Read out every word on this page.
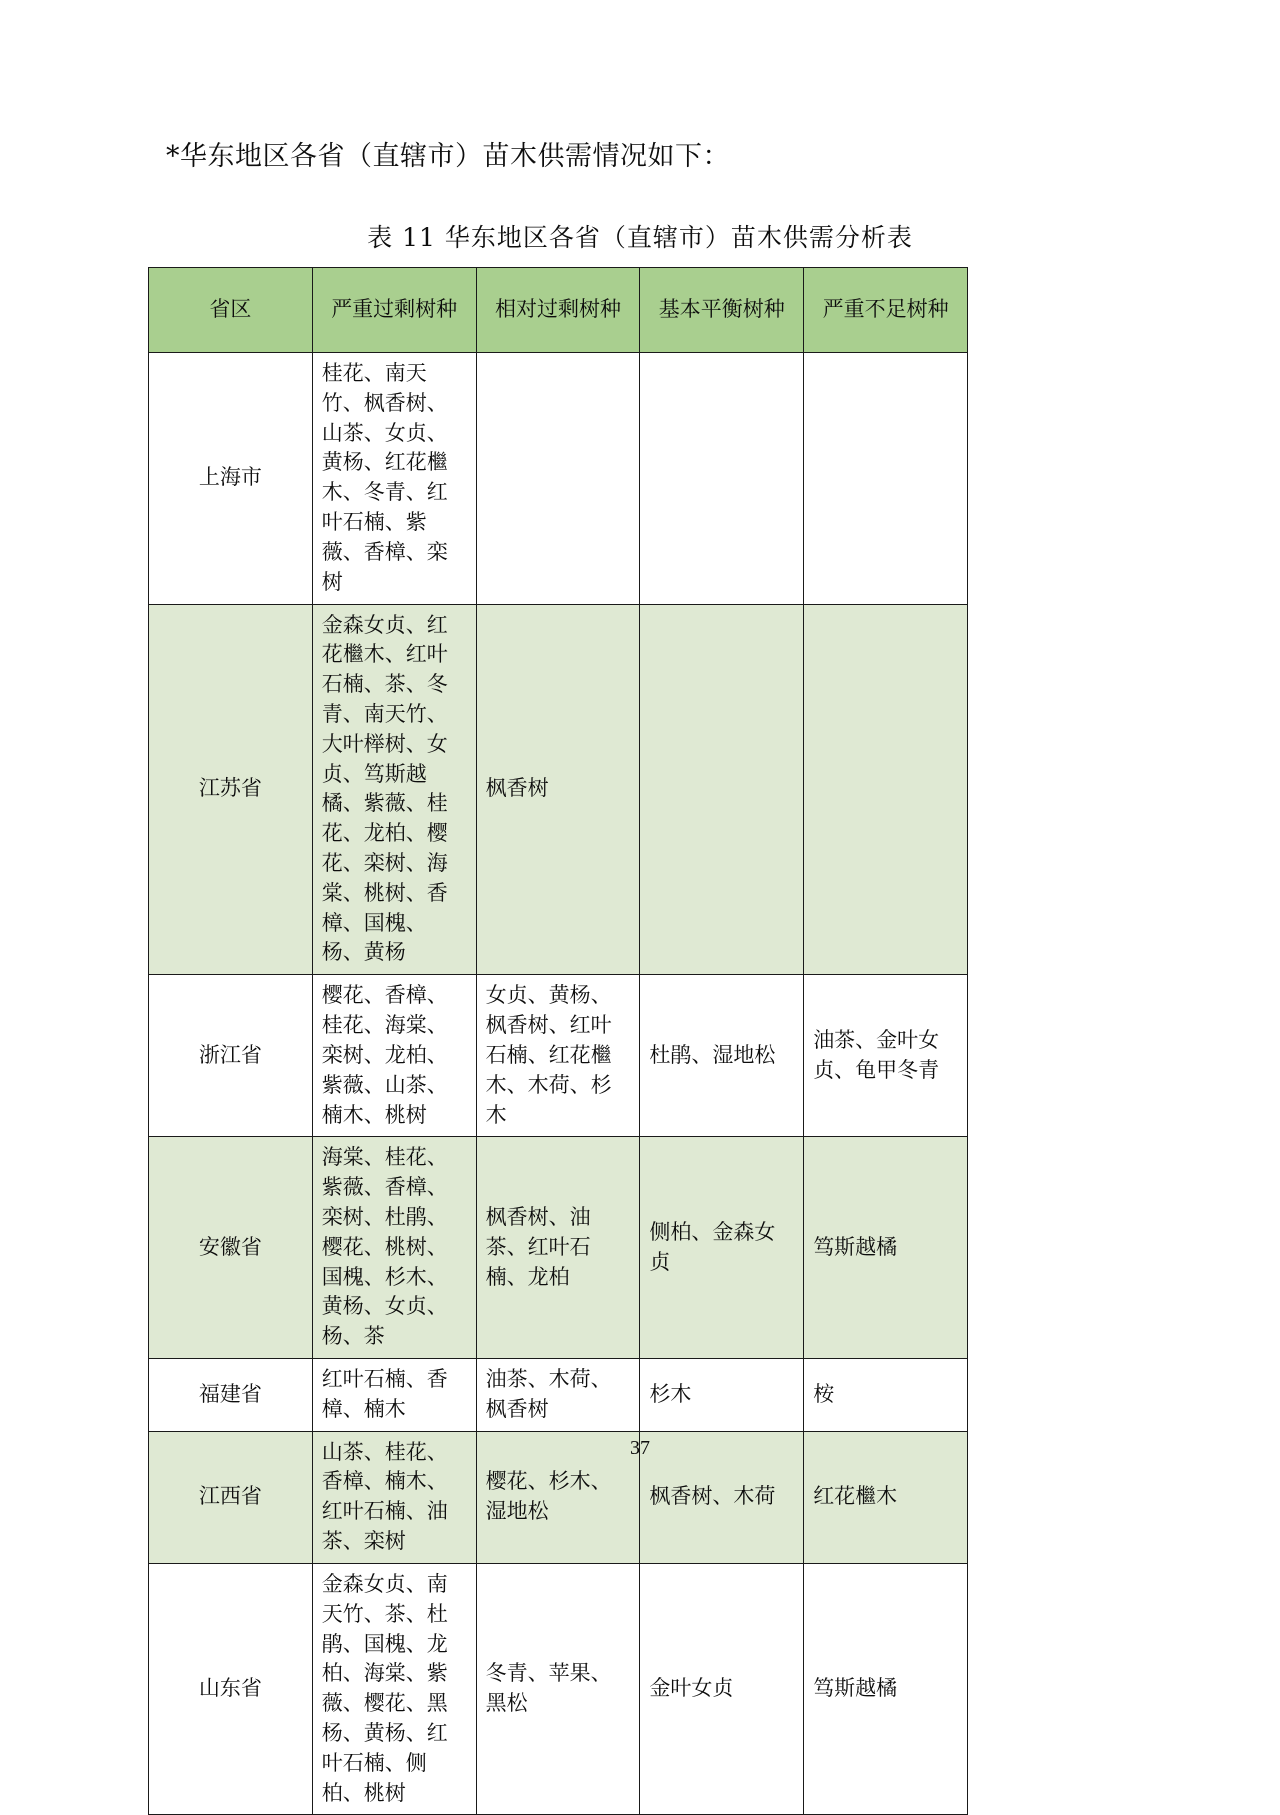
*华东地区各省（直辖市）苗木供需情况如下：
表 11 华东地区各省（直辖市）苗木供需分析表
省区	严重过剩树种	相对过剩树种	基本平衡树种	严重不足树种
上海市	桂花、南天竹、枫香树、山茶、女贞、黄杨、红花檵木、冬青、红叶石楠、紫薇、香樟、栾树			
江苏省	金森女贞、红花檵木、红叶石楠、茶、冬青、南天竹、大叶榉树、女贞、笃斯越橘、紫薇、桂花、龙柏、樱花、栾树、海棠、桃树、香樟、国槐、杨、黄杨	枫香树		
浙江省	樱花、香樟、桂花、海棠、栾树、龙柏、紫薇、山茶、楠木、桃树	女贞、黄杨、枫香树、红叶石楠、红花檵木、木荷、杉木	杜鹃、湿地松	油茶、金叶女贞、龟甲冬青
安徽省	海棠、桂花、紫薇、香樟、栾树、杜鹃、樱花、桃树、国槐、杉木、黄杨、女贞、杨、茶	枫香树、油茶、红叶石楠、龙柏	侧柏、金森女贞	笃斯越橘
福建省	红叶石楠、香樟、楠木	油茶、木荷、枫香树	杉木	桉
江西省	山茶、桂花、香樟、楠木、红叶石楠、油茶、栾树	樱花、杉木、湿地松	枫香树、木荷	红花檵木
山东省	金森女贞、南天竹、茶、杜鹃、国槐、龙柏、海棠、紫薇、樱花、黑杨、黄杨、红叶石楠、侧柏、桃树	冬青、苹果、黑松	金叶女贞	笃斯越橘
37
